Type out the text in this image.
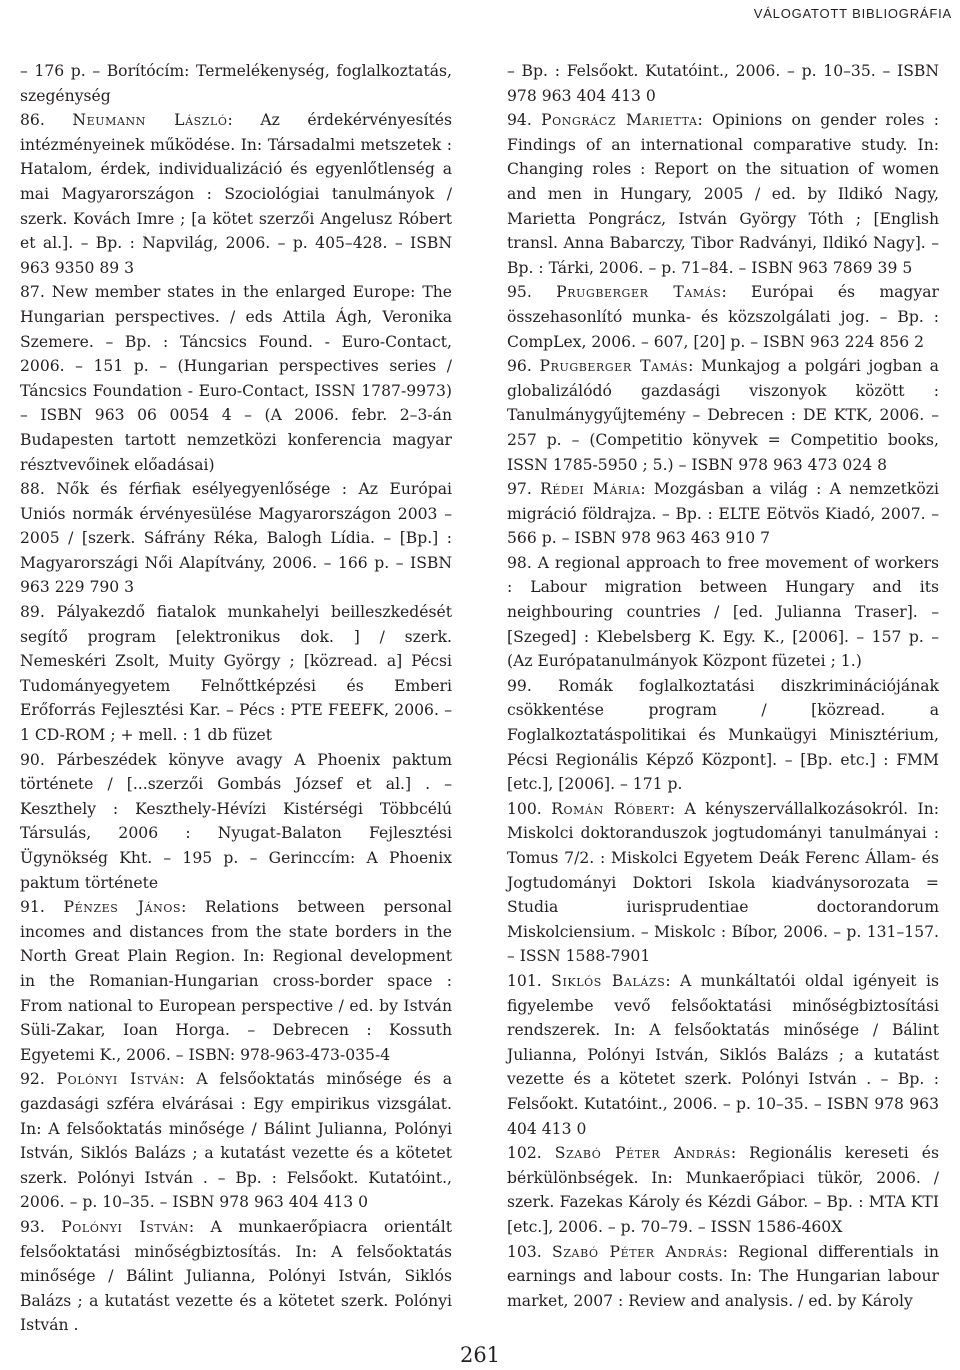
VÁLOGATOTT BIBLIOGRÁFIA

– 176 p. – Borítócím: Termelékenység, foglalkoztatás, szegénység

86. Neumann László: Az érdekérvényesítés intézményeinek működése. In: Társadalmi metszetek : Hatalom, érdek, individualizáció és egyenlőtlenség a mai Magyarországon : Szociológiai tanulmányok / szerk. Kovách Imre ; [a kötet szerzői Angelusz Róbert et al.]. – Bp. : Napvilág, 2006. – p. 405–428. – ISBN 963 9350 89 3

87. New member states in the enlarged Europe: The Hungarian perspectives. / eds Attila Ágh, Veronika Szemere. – Bp. : Táncsics Found. - Euro-Contact, 2006. – 151 p. – (Hungarian perspectives series / Táncsics Foundation - Euro-Contact, ISSN 1787-9973) – ISBN 963 06 0054 4 – (A 2006. febr. 2–3-án Budapesten tartott nemzetközi konferencia magyar résztvevőinek előadásai)

88. Nők és férfiak esélyegyenlősége : Az Európai Uniós normák érvényesülése Magyarországon 2003 – 2005 / [szerk. Sáfrány Réka, Balogh Lídia. – [Bp.] : Magyarországi Női Alapítvány, 2006. – 166 p. – ISBN 963 229 790 3

89. Pályakezdő fiatalok munkahelyi beilleszkedését segítő program [elektronikus dok. ] / szerk. Nemeskéri Zsolt, Muity György ; [közread. a] Pécsi Tudományegyetem Felnőttképzési és Emberi Erőforrás Fejlesztési Kar. – Pécs : PTE FEEFK, 2006. – 1 CD-ROM ; + mell. : 1 db füzet

90. Párbeszédek könyve avagy A Phoenix paktum története / [...szerzői Gombás József et al.] . – Keszthely : Keszthely-Hévízi Kistérségi Többcélú Társulás, 2006 : Nyugat-Balaton Fejlesztési Ügynökség Kht. – 195 p. – Gerinccím: A Phoenix paktum története

91. Pénzes János: Relations between personal incomes and distances from the state borders in the North Great Plain Region. In: Regional development in the Romanian-Hungarian cross-border space : From national to European perspective / ed. by István Süli-Zakar, Ioan Horga. – Debrecen : Kossuth Egyetemi K., 2006. – ISBN: 978-963-473-035-4

92. Polónyi István: A felsőoktatás minősége és a gazdasági szféra elvárásai : Egy empirikus vizsgálat. In: A felsőoktatás minősége / Bálint Julianna, Polónyi István, Siklós Balázs ; a kutatást vezette és a kötetet szerk. Polónyi István . – Bp. : Felsőokt. Kutatóint., 2006. – p. 10–35. – ISBN 978 963 404 413 0

93. Polónyi István: A munkaerőpiacra orientált felsőoktatási minőségbiztosítás. In: A felsőoktatás minősége / Bálint Julianna, Polónyi István, Siklós Balázs ; a kutatást vezette és a kötetet szerk. Polónyi István .

– Bp. : Felsőokt. Kutatóint., 2006. – p. 10–35. – ISBN 978 963 404 413 0

94. Pongrácz Marietta: Opinions on gender roles : Findings of an international comparative study. In: Changing roles : Report on the situation of women and men in Hungary, 2005 / ed. by Ildikó Nagy, Marietta Pongrácz, István György Tóth ; [English transl. Anna Babarczy, Tibor Radványi, Ildikó Nagy]. – Bp. : Tárki, 2006. – p. 71–84. – ISBN 963 7869 39 5

95. Prugberger Tamás: Európai és magyar összehasonlító munka- és közszolgálati jog. – Bp. : CompLex, 2006. – 607, [20] p. – ISBN 963 224 856 2

96. Prugberger Tamás: Munkajog a polgári jogban a globalizálódó gazdasági viszonyok között : Tanulmánygyűjtemény – Debrecen : DE KTK, 2006. – 257 p. – (Competitio könyvek = Competitio books, ISSN 1785-5950 ; 5.) – ISBN 978 963 473 024 8

97. Rédei Mária: Mozgásban a világ : A nemzetközi migráció földrajza. – Bp. : ELTE Eötvös Kiadó, 2007. – 566 p. – ISBN 978 963 463 910 7

98. A regional approach to free movement of workers : Labour migration between Hungary and its neighbouring countries / [ed. Julianna Traser]. – [Szeged] : Klebelsberg K. Egy. K., [2006]. – 157 p. – (Az Európatanulmányok Központ füzetei ; 1.)

99. Romák foglalkoztatási diszkriminációjának csökkentése program / [közread. a Foglalkoztatáspolitikai és Munkaügyi Minisztérium, Pécsi Regionális Képző Központ]. – [Bp. etc.] : FMM [etc.], [2006]. – 171 p.

100. Román Róbert: A kényszervállalkozásokról. In: Miskolci doktoranduszok jogtudományi tanulmányai : Tomus 7/2. : Miskolci Egyetem Deák Ferenc Állam- és Jogtudományi Doktori Iskola kiadványsorozata = Studia iurisprudentiae doctorandorum Miskolciensium. – Miskolc : Bíbor, 2006. – p. 131–157. – ISSN 1588-7901

101. Siklós Balázs: A munkáltatói oldal igényeit is figyelembe vevő felsőoktatási minőségbiztosítási rendszerek. In: A felsőoktatás minősége / Bálint Julianna, Polónyi István, Siklós Balázs ; a kutatást vezette és a kötetet szerk. Polónyi István . – Bp. : Felsőokt. Kutatóint., 2006. – p. 10–35. – ISBN 978 963 404 413 0

102. Szabó Péter András: Regionális kereseti és bérkülönbségek. In: Munkaerőpiaci tükör, 2006. / szerk. Fazekas Károly és Kézdi Gábor. – Bp. : MTA KTI [etc.], 2006. – p. 70–79. – ISSN 1586-460X

103. Szabó Péter András: Regional differentials in earnings and labour costs. In: The Hungarian labour market, 2007 : Review and analysis. / ed. by Károly

261
